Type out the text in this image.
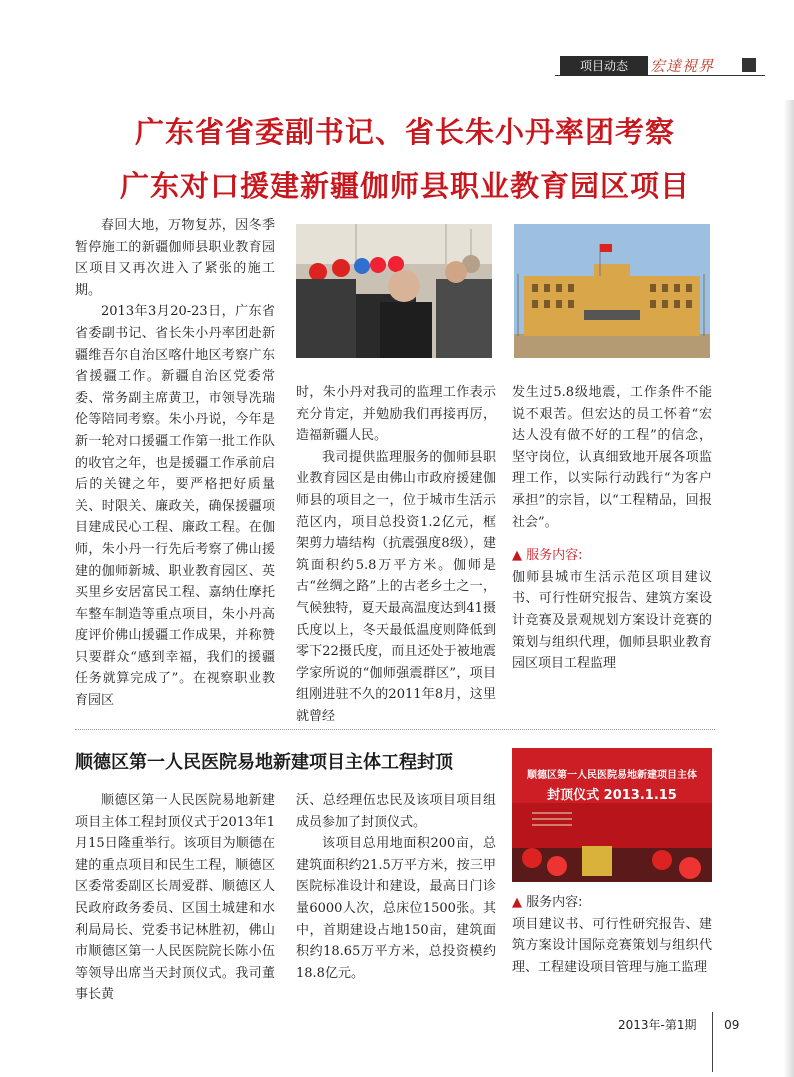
项目动态	宏達視界
广东省省委副书记、省长朱小丹率团考察
广东对口援建新疆伽师县职业教育园区项目

春回大地，万物复苏，因冬季暂停施工的新疆伽师县职业教育园区项目又再次进入了紧张的施工期。

2013年3月20-23日，广东省省委副书记、省长朱小丹率团赴新疆维吾尔自治区喀什地区考察广东省援疆工作。新疆自治区党委常委、常务副主席黄卫，市领导冼瑞伦等陪同考察。朱小丹说，今年是新一轮对口援疆工作第一批工作队的收官之年，也是援疆工作承前启后的关键之年，要严格把好质量关、时限关、廉政关，确保援疆项目建成民心工程、廉政工程。在伽师，朱小丹一行先后考察了佛山援建的伽师新城、职业教育园区、英买里乡安居富民工程、嘉纳仕摩托车整车制造等重点项目，朱小丹高度评价佛山援疆工作成果，并称赞只要群众“感到幸福，我们的援疆任务就算完成了”。在视察职业教育园区

时，朱小丹对我司的监理工作表示充分肯定，并勉励我们再接再厉，造福新疆人民。

我司提供监理服务的伽师县职业教育园区是由佛山市政府援建伽师县的项目之一，位于城市生活示范区内，项目总投资1.2亿元，框架剪力墙结构（抗震强度8级），建筑面积约5.8万平方米。伽师是古“丝绸之路”上的古老乡土之一，气候独特，夏天最高温度达到41摄氏度以上，冬天最低温度则降低到零下22摄氏度，而且还处于被地震学家所说的“伽师强震群区”，项目组刚进驻不久的2011年8月，这里就曾经

发生过5.8级地震，工作条件不能说不艰苦。但宏达的员工怀着“宏达人没有做不好的工程”的信念，坚守岗位，认真细致地开展各项监理工作，以实际行动践行“为客户承担”的宗旨，以“工程精品，回报社会”。

▲ 服务内容:
伽师县城市生活示范区项目建议书、可行性研究报告、建筑方案设计竞赛及景观规划方案设计竞赛的策划与组织代理，伽师县职业教育园区项目工程监理
顺德区第一人民医院易地新建项目主体工程封顶

顺德区第一人民医院易地新建项目主体工程封顶仪式于2013年1月15日隆重举行。该项目为顺德在建的重点项目和民生工程，顺德区区委常委副区长周爱群、顺德区人民政府政务委员、区国土城建和水利局局长、党委书记林胜初，佛山市顺德区第一人民医院院长陈小伍等领导出席当天封顶仪式。我司董事长黄

沃、总经理伍忠民及该项目项目组成员参加了封顶仪式。

该项目总用地面积200亩，总建筑面积约21.5万平方米，按三甲医院标准设计和建设，最高日门诊量6000人次，总床位1500张。其中，首期建设占地150亩，建筑面积约18.65万平方米，总投资模约18.8亿元。

顺德区第一人民医院易地新建项目主体
封顶仪式 2013.1.15
▲ 服务内容:
项目建议书、可行性研究报告、建筑方案设计国际竞赛策划与组织代理、工程建设项目管理与施工监理
2013年-第1期 09
